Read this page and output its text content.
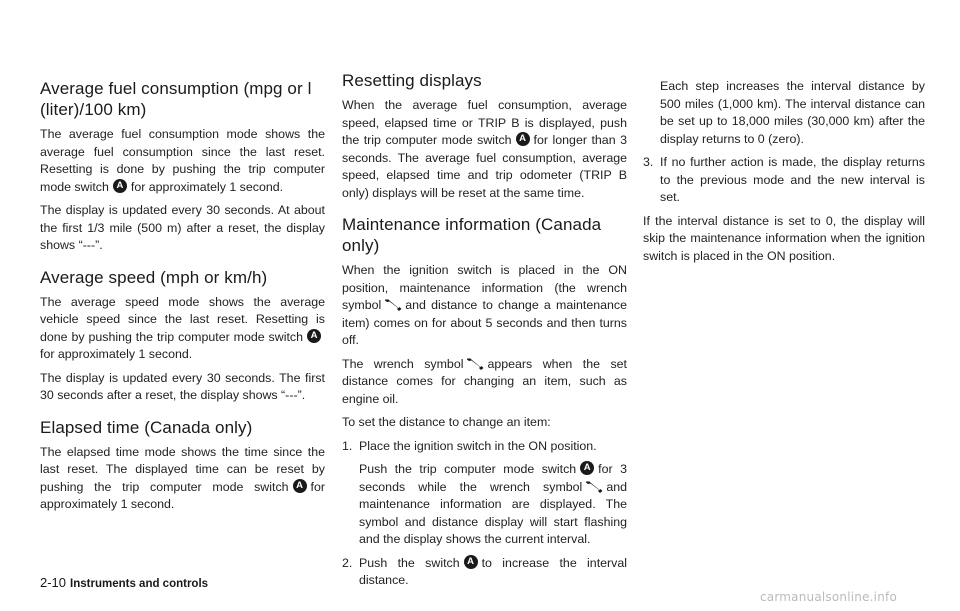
Average fuel consumption (mpg or l (liter)/100 km)

The average fuel consumption mode shows the average fuel consumption since the last reset. Resetting is done by pushing the trip computer mode switch A for approximately 1 second.

The display is updated every 30 seconds. At about the first 1/3 mile (500 m) after a reset, the display shows “---”.

Average speed (mph or km/h)

The average speed mode shows the average vehicle speed since the last reset. Resetting is done by pushing the trip computer mode switch Afor approximately 1 second.

The display is updated every 30 seconds. The first 30 seconds after a reset, the display shows “---”.

Elapsed time (Canada only)

The elapsed time mode shows the time since the last reset. The displayed time can be reset by pushing the trip computer mode switch A for approximately 1 second.

Resetting displays

When the average fuel consumption, average speed, elapsed time or TRIP B is displayed, push the trip computer mode switch A for longer than 3 seconds. The average fuel consumption, average speed, elapsed time and trip odometer (TRIP B only) displays will be reset at the same time.

Maintenance information (Canada only)

When the ignition switch is placed in the ON position, maintenance information (the wrench symbol and distance to change a maintenance item) comes on for about 5 seconds and then turns off.

The wrench symbol appears when the set distance comes for changing an item, such as engine oil.

To set the distance to change an item:

1. Place the ignition switch in the ON position.

Push the trip computer mode switch A for 3 seconds while the wrench symbol and maintenance information are displayed. The symbol and distance display will start flashing and the display shows the current interval.

2. Push the switch A to increase the interval distance.

Each step increases the interval distance by 500 miles (1,000 km). The interval distance can be set up to 18,000 miles (30,000 km) after the display returns to 0 (zero).

3. If no further action is made, the display returns to the previous mode and the new interval is set.

If the interval distance is set to 0, the display will skip the maintenance information when the ignition switch is placed in the ON position.

2-10 Instruments and controls
carmanualsonline.info
